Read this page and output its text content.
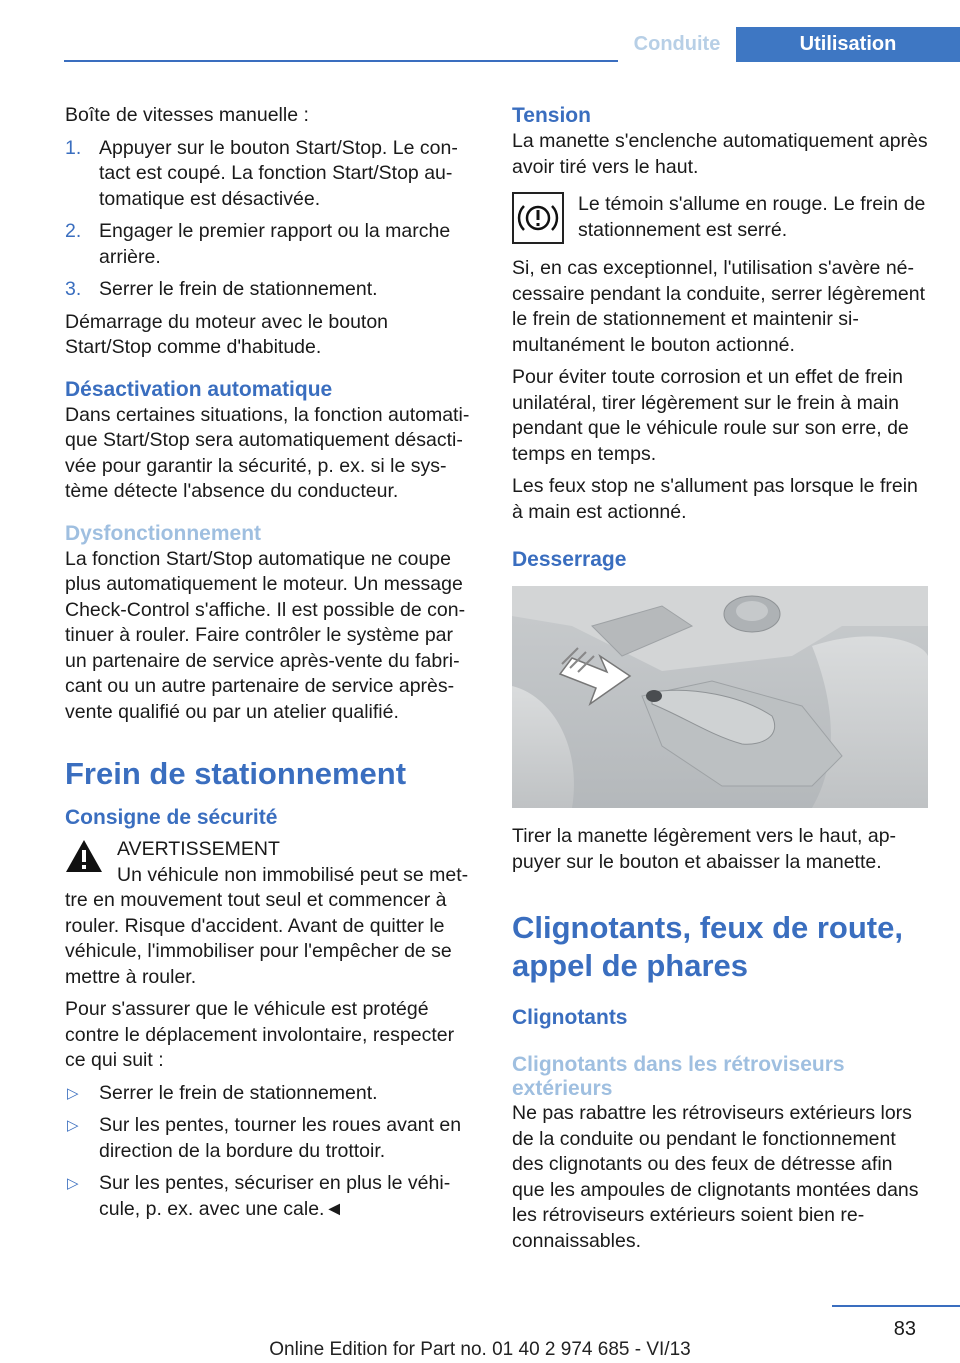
Conduite	Utilisation

Boîte de vitesses manuelle :

1. Appuyer sur le bouton Start/Stop. Le contact est coupé. La fonction Start/Stop automatique est désactivée.
2. Engager le premier rapport ou la marche arrière.
3. Serrer le frein de stationnement.

Démarrage du moteur avec le bouton Start/Stop comme d'habitude.

Désactivation automatique

Dans certaines situations, la fonction automatique Start/Stop sera automatiquement désactivée pour garantir la sécurité, p. ex. si le système détecte l'absence du conducteur.

Dysfonctionnement

La fonction Start/Stop automatique ne coupe plus automatiquement le moteur. Un message Check-Control s'affiche. Il est possible de continuer à rouler. Faire contrôler le système par un partenaire de service après-vente du fabricant ou un autre partenaire de service après-vente qualifié ou par un atelier qualifié.

Frein de stationnement
Consigne de sécurité
AVERTISSEMENT

Un véhicule non immobilisé peut se mettre en mouvement tout seul et commencer à rouler. Risque d'accident. Avant de quitter le véhicule, l'immobiliser pour l'empêcher de se mettre à rouler.

Pour s'assurer que le véhicule est protégé contre le déplacement involontaire, respecter ce qui suit :

▷ Serrer le frein de stationnement.
▷ Sur les pentes, tourner les roues avant en direction de la bordure du trottoir.
▷ Sur les pentes, sécuriser en plus le véhicule, p. ex. avec une cale.◄
Tension

La manette s'enclenche automatiquement après avoir tiré vers le haut.

Le témoin s'allume en rouge. Le frein de stationnement est serré.

Si, en cas exceptionnel, l'utilisation s'avère nécessaire pendant la conduite, serrer légèrement le frein de stationnement et maintenir simultanément le bouton actionné.

Pour éviter toute corrosion et un effet de frein unilatéral, tirer légèrement sur le frein à main pendant que le véhicule roule sur son erre, de temps en temps.

Les feux stop ne s'allument pas lorsque le frein à main est actionné.

Desserrage

Tirer la manette légèrement vers le haut, appuyer sur le bouton et abaisser la manette.

Clignotants, feux de route, appel de phares
Clignotants
Clignotants dans les rétroviseurs extérieurs

Ne pas rabattre les rétroviseurs extérieurs lors de la conduite ou pendant le fonctionnement des clignotants ou des feux de détresse afin que les ampoules de clignotants montées dans les rétroviseurs extérieurs soient bien reconnaissables.

83
Online Edition for Part no. 01 40 2 974 685 - VI/13
